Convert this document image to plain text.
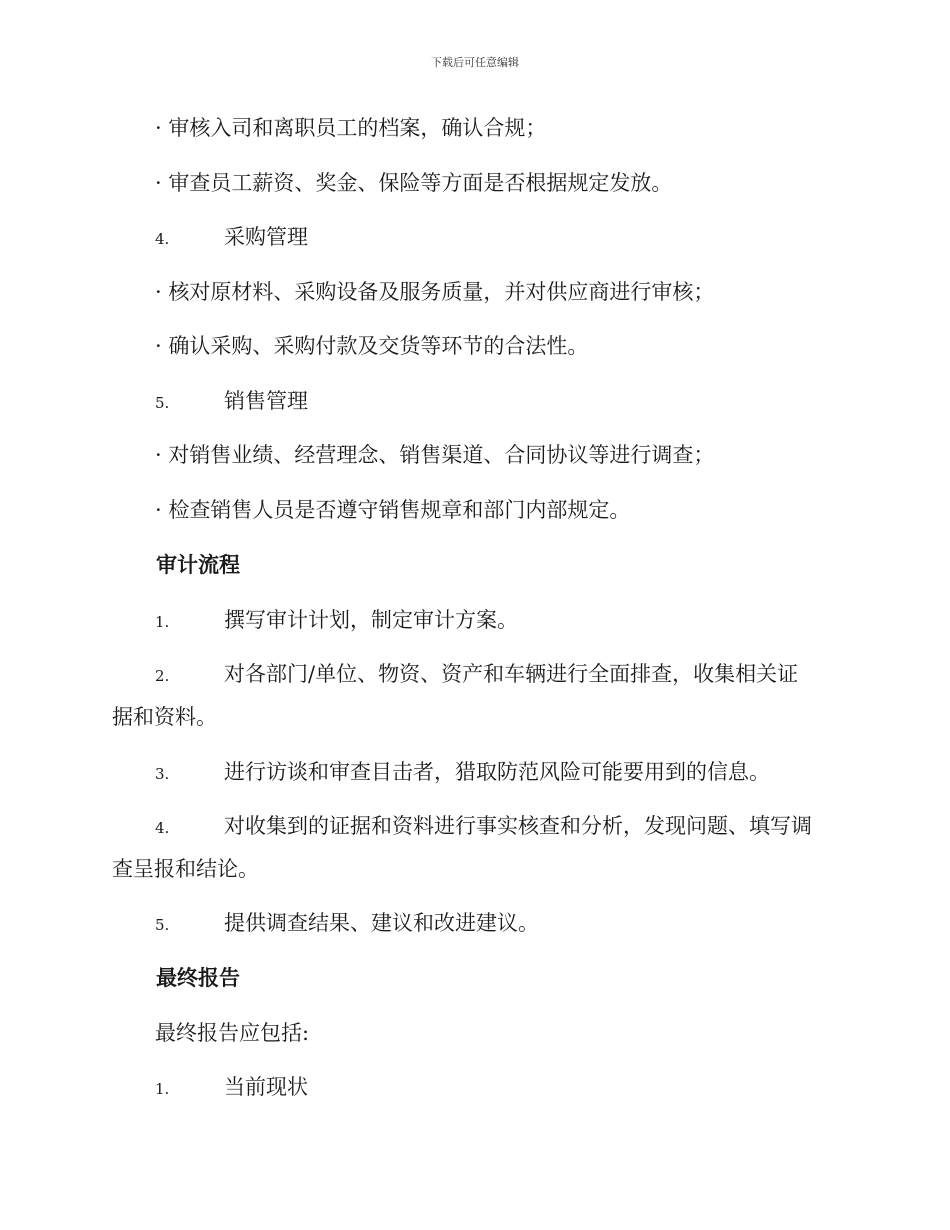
下载后可任意编辑
· 审核入司和离职员工的档案，确认合规；
· 审查员工薪资、奖金、保险等方面是否根据规定发放。
4.	采购管理
· 核对原材料、采购设备及服务质量，并对供应商进行审核；
· 确认采购、采购付款及交货等环节的合法性。
5.	销售管理
· 对销售业绩、经营理念、销售渠道、合同协议等进行调查；
· 检查销售人员是否遵守销售规章和部门内部规定。
审计流程
1.	撰写审计计划，制定审计方案。
2.	对各部门/单位、物资、资产和车辆进行全面排查，收集相关证
据和资料。
3.	进行访谈和审查目击者，猎取防范风险可能要用到的信息。
4.	对收集到的证据和资料进行事实核查和分析，发现问题、填写调
查呈报和结论。
5.	提供调查结果、建议和改进建议。
最终报告
最终报告应包括:
1.	当前现状
